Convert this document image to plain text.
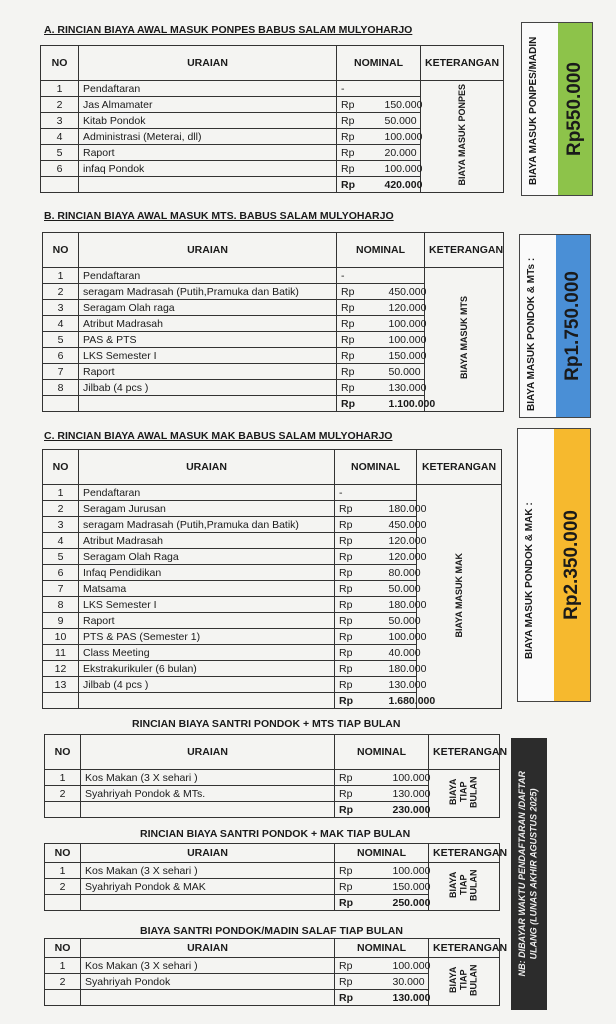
A. RINCIAN BIAYA AWAL MASUK PONPES BABUS SALAM MULYOHARJO
B. RINCIAN BIAYA AWAL MASUK MTS. BABUS SALAM MULYOHARJO
C. RINCIAN BIAYA AWAL MASUK MAK BABUS SALAM MULYOHARJO
RINCIAN BIAYA SANTRI PONDOK + MTS TIAP BULAN
RINCIAN BIAYA SANTRI PONDOK + MAK TIAP BULAN
BIAYA SANTRI PONDOK/MADIN SALAF TIAP BULAN
NO	URAIAN	NOMINAL		KETERANGAN
1	Pendaftaran	-		BIAYA MASUK PONPES
2	Jas Almamater	Rp	150.000	
3	Kitab Pondok	Rp	50.000	
4	Administrasi (Meterai, dll)	Rp	100.000	
5	Raport	Rp	20.000	
6	infaq Pondok	Rp	100.000	
		Rp	420.000	
NO	URAIAN	NOMINAL		KETERANGAN
1	Pendaftaran	-		BIAYA MASUK MTS
2	seragam Madrasah (Putih,Pramuka dan Batik)	Rp	450.000	
3	Seragam Olah raga	Rp	120.000	
4	Atribut Madrasah	Rp	100.000	
5	PAS & PTS	Rp	100.000	
6	LKS Semester I	Rp	150.000	
7	Raport	Rp	50.000	
8	Jilbab (4 pcs )	Rp	130.000	
		Rp	1.100.000	
NO	URAIAN	NOMINAL		KETERANGAN
1	Pendaftaran	-		BIAYA MASUK MAK
2	Seragam Jurusan	Rp	180.000	
3	seragam Madrasah (Putih,Pramuka dan Batik)	Rp	450.000	
4	Atribut Madrasah	Rp	120.000	
5	Seragam Olah Raga	Rp	120.000	
6	Infaq Pendidikan	Rp	80.000	
7	Matsama	Rp	50.000	
8	LKS Semester I	Rp	180.000	
9	Raport	Rp	50.000	
10	PTS & PAS (Semester 1)	Rp	100.000	
11	Class Meeting	Rp	40.000	
12	Ekstrakurikuler (6 bulan)	Rp	180.000	
13	Jilbab (4 pcs )	Rp	130.000	
		Rp	1.680.000	
NO	URAIAN	NOMINAL		KETERANGAN
1	Kos Makan (3 X sehari )	Rp	100.000	BIAYA TIAP BULAN
2	Syahriyah Pondok & MTs.	Rp	130.000	
		Rp	230.000	
NO	URAIAN	NOMINAL		KETERANGAN
1	Kos Makan (3 X sehari )	Rp	100.000	BIAYA TIAP BULAN
2	Syahriyah Pondok & MAK	Rp	150.000	
		Rp	250.000	
NO	URAIAN	NOMINAL		KETERANGAN
1	Kos Makan (3 X sehari )	Rp	100.000	BIAYA TIAP BULAN
2	Syahriyah Pondok	Rp	30.000	
		Rp	130.000	
BIAYA MASUK PONPES/MADIN Rp550.000
BIAYA MASUK PONDOK & MTs : Rp1.750.000
BIAYA MASUK PONDOK & MAK : Rp2.350.000
NB: DIBAYAR WAKTU PENDAFTARAN /DAFTAR ULANG (LUNAS AKHIR AGUSTUS 2025)
